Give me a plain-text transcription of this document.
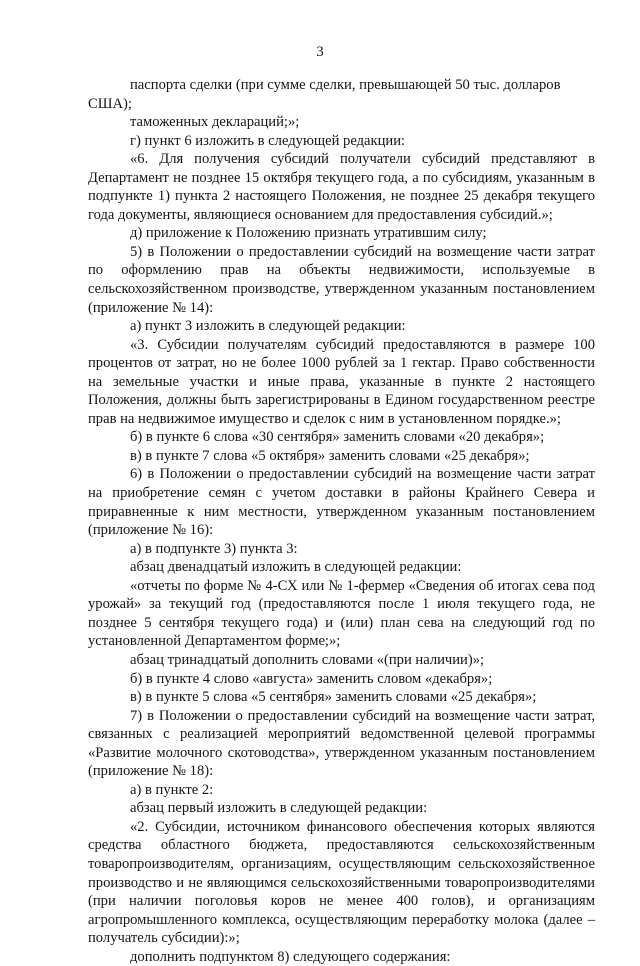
3

паспорта сделки (при сумме сделки, превышающей 50 тыс. долларов США);

таможенных деклараций;»;

г) пункт 6 изложить в следующей редакции:

«6. Для получения субсидий получатели субсидий представляют в Департамент не позднее 15 октября текущего года, а по субсидиям, указанным в подпункте 1) пункта 2 настоящего Положения, не позднее 25 декабря текущего года документы, являющиеся основанием для предоставления субсидий.»;

д) приложение к Положению признать утратившим силу;

5) в Положении о предоставлении субсидий на возмещение части затрат по оформлению прав на объекты недвижимости, используемые в сельскохозяйственном производстве, утвержденном указанным постановлением (приложение № 14):

а) пункт 3 изложить в следующей редакции:

«3. Субсидии получателям субсидий предоставляются в размере 100 процентов от затрат, но не более 1000 рублей за 1 гектар. Право собственности на земельные участки и иные права, указанные в пункте 2 настоящего Положения, должны быть зарегистрированы в Едином государственном реестре прав на недвижимое имущество и сделок с ним в установленном порядке.»;

б) в пункте 6 слова «30 сентября» заменить словами «20 декабря»;

в) в пункте 7 слова «5 октября» заменить словами «25 декабря»;

6) в Положении о предоставлении субсидий на возмещение части затрат на приобретение семян с учетом доставки в районы Крайнего Севера и приравненные к ним местности, утвержденном указанным постановлением (приложение № 16):

а) в подпункте 3) пункта 3:

абзац двенадцатый изложить в следующей редакции:

«отчеты по форме № 4-СХ или № 1-фермер «Сведения об итогах сева под урожай» за текущий год (предоставляются после 1 июля текущего года, не позднее 5 сентября текущего года) и (или) план сева на следующий год по установленной Департаментом форме;»;

абзац тринадцатый дополнить словами «(при наличии)»;

б) в пункте 4 слово «августа» заменить словом «декабря»;

в) в пункте 5 слова «5 сентября» заменить словами «25 декабря»;

7) в Положении о предоставлении субсидий на возмещение части затрат, связанных с реализацией мероприятий ведомственной целевой программы «Развитие молочного скотоводства», утвержденном указанным постановлением (приложение № 18):

а) в пункте 2:

абзац первый изложить в следующей редакции:

«2. Субсидии, источником финансового обеспечения которых являются средства областного бюджета, предоставляются сельскохозяйственным товаропроизводителям, организациям, осуществляющим сельскохозяйственное производство и не являющимся сельскохозяйственными товаропроизводителями (при наличии поголовья коров не менее 400 голов), и организациям агропромышленного комплекса, осуществляющим переработку молока (далее – получатель субсидии):»;

дополнить подпунктом 8) следующего содержания:
